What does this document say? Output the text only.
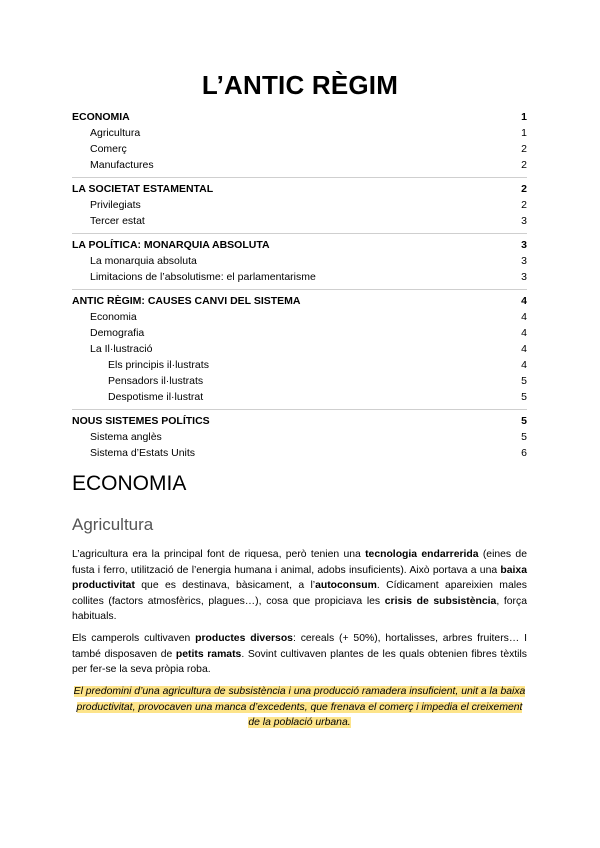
L’ANTIC RÈGIM
ECONOMIA	1
Agricultura	1
Comerç	2
Manufactures	2
LA SOCIETAT ESTAMENTAL	2
Privilegiats	2
Tercer estat	3
LA POLÍTICA: MONARQUIA ABSOLUTA	3
La monarquia absoluta	3
Limitacions de l’absolutisme: el parlamentarisme	3
ANTIC RÈGIM: CAUSES CANVI DEL SISTEMA	4
Economia	4
Demografia	4
La Il·lustració	4
Els principis il·lustrats	4
Pensadors il·lustrats	5
Despotisme il·lustrat	5
NOUS SISTEMES POLÍTICS	5
Sistema anglès	5
Sistema d’Estats Units	6
ECONOMIA
Agricultura
L’agricultura era la principal font de riquesa, però tenien una tecnologia endarrerida (eines de fusta i ferro, utilització de l’energia humana i animal, adobs insuficients). Això portava a una baixa productivitat que es destinava, bàsicament, a l’autoconsum. Cídicament apareixien males collites (factors atmosfèrics, plagues…), cosa que propiciava les crisis de subsistència, força habituals.
Els camperols cultivaven productes diversos: cereals (+ 50%), hortalisses, arbres fruiters… I també disposaven de petits ramats. Sovint cultivaven plantes de les quals obtenien fibres tèxtils per fer-se la seva pròpia roba.
El predomini d’una agricultura de subsistència i una producció ramadera insuficient, unit a la baixa productivitat, provocaven una manca d’excedents, que frenava el comerç i impedia el creixement de la població urbana.
